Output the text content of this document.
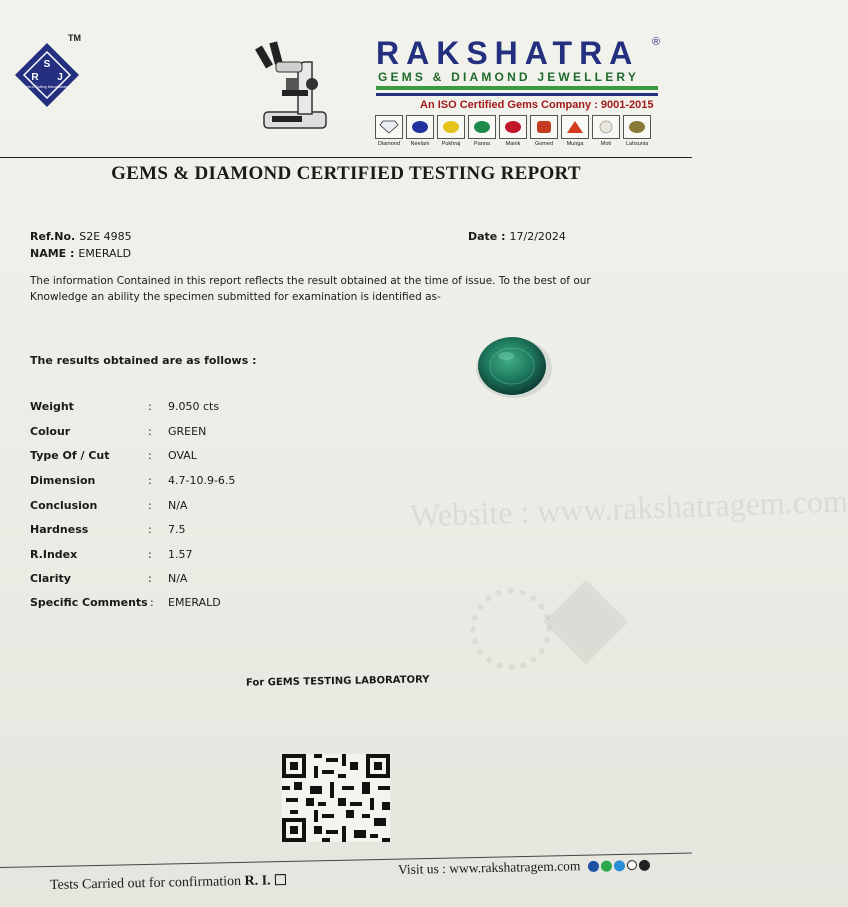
S
R J
Gem-n-Cutting Manufacturers
TM	RAKSHATRA	®
GEMS & DIAMOND JEWELLERY
An ISO Certified Gems Company : 9001-2015
Diamond	Neelam	Pukhraj	Panna	Manik	Gomed	Munga	Moti	Lahsunia
GEMS & DIAMOND CERTIFIED TESTING REPORT
Ref.No. S2E 4985
NAME : EMERALD
Date : 17/2/2024
The information Contained in this report reflects the result obtained at the time of issue. To the best of our Knowledge an ability the specimen submitted for examination is identified as-
The results obtained are as follows :
Weight	: 9.050 cts
Colour	: GREEN
Type Of / Cut	: OVAL
Dimension	: 4.7-10.9-6.5
Conclusion	: N/A
Hardness	: 7.5
R.Index	: 1.57
Clarity	: N/A
Specific Comments : EMERALD
Website : www.rakshatragem.com
For GEMS TESTING LABORATORY
Tests Carried out for confirmation R. I.
Visit us : www.rakshatragem.com
